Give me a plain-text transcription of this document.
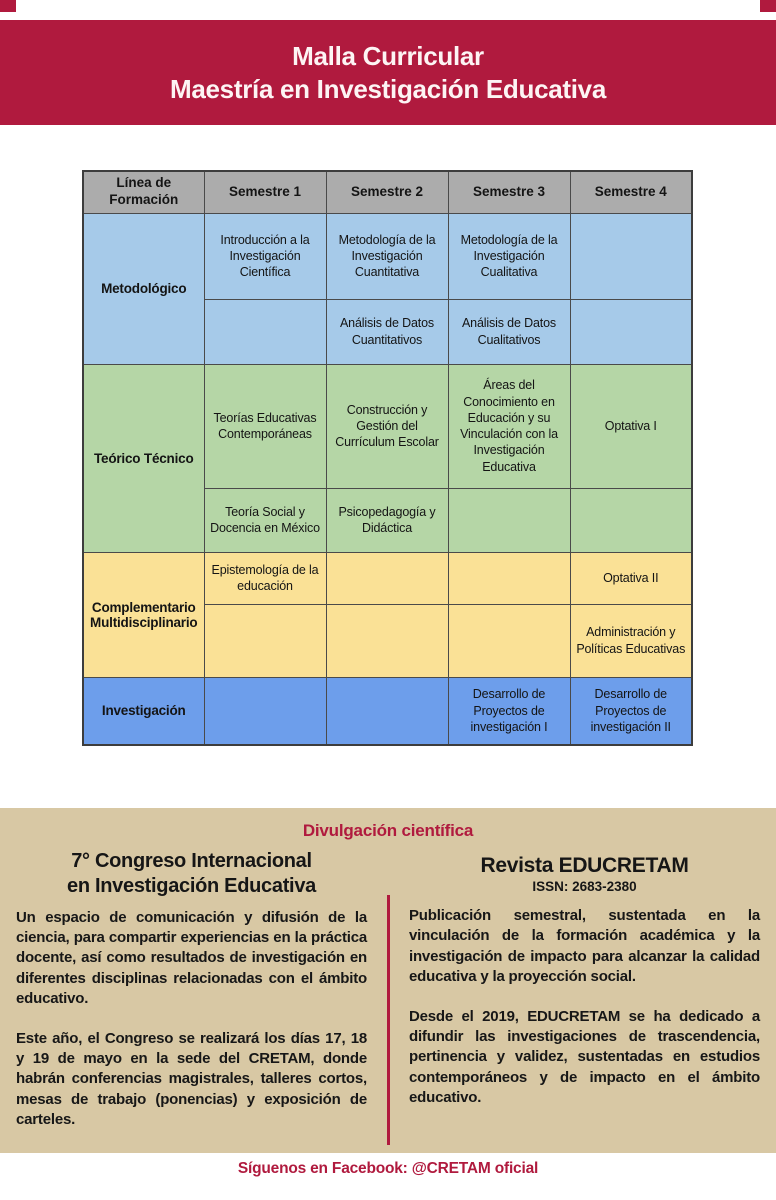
Malla Curricular
Maestría en Investigación Educativa
Línea de Formación	Semestre 1	Semestre 2	Semestre 3	Semestre 4
Metodológico	Introducción a la Investigación Científica	Metodología de la Investigación Cuantitativa	Metodología de la Investigación Cualitativa	
		Análisis de Datos Cuantitativos	Análisis de Datos Cualitativos	
Teórico Técnico	Teorías Educativas Contemporáneas	Construcción y Gestión del Currículum Escolar	Áreas del Conocimiento en Educación y su Vinculación con la Investigación Educativa	Optativa I
	Teoría Social y Docencia en México	Psicopedagogía y Didáctica		
Complementario Multidisciplinario	Epistemología de la educación			Optativa II
				Administración y Políticas Educativas
Investigación			Desarrollo de Proyectos de investigación I	Desarrollo de Proyectos de investigación II
Divulgación científica
7° Congreso Internacional
en Investigación Educativa

Un espacio de comunicación y difusión de la ciencia, para compartir experiencias en la práctica docente, así como resultados de investigación en diferentes disciplinas relacionadas con el ámbito educativo.

Este año, el Congreso se realizará los días 17, 18 y 19 de mayo en la sede del CRETAM, donde habrán conferencias magistrales, talleres cortos, mesas de trabajo (ponencias) y exposición de carteles.

Revista EDUCRETAM
ISSN: 2683-2380

Publicación semestral, sustentada en la vinculación de la formación académica y la investigación de impacto para alcanzar la calidad educativa y la proyección social.

Desde el 2019, EDUCRETAM se ha dedicado a difundir las investigaciones de trascendencia, pertinencia y validez, sustentadas en estudios contemporáneos y de impacto en el ámbito educativo.

Síguenos en Facebook: @CRETAM oficial
